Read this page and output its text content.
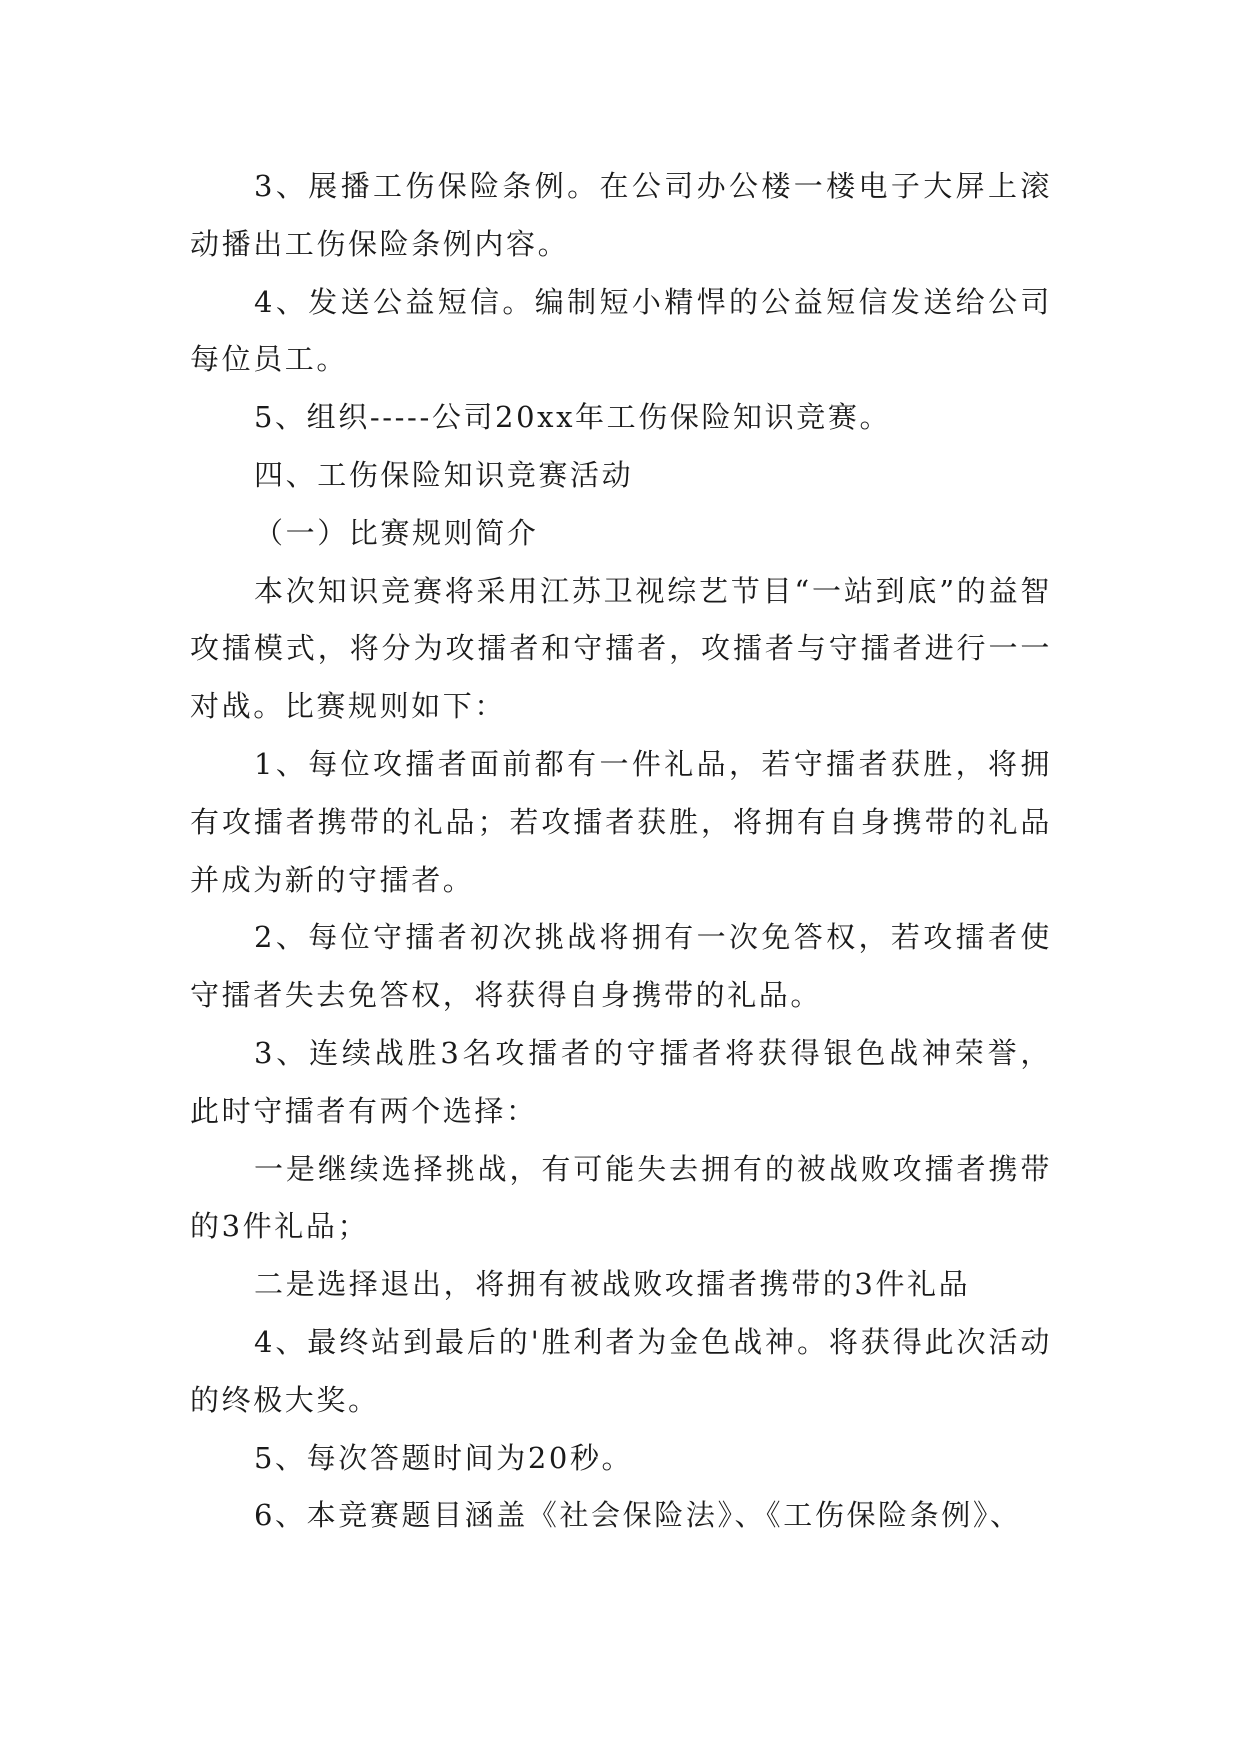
3、展播工伤保险条例。在公司办公楼一楼电子大屏上滚动播出工伤保险条例内容。

4、发送公益短信。编制短小精悍的公益短信发送给公司每位员工。

5、组织-----公司20xx年工伤保险知识竞赛。

四、工伤保险知识竞赛活动

（一）比赛规则简介

本次知识竞赛将采用江苏卫视综艺节目“一站到底”的益智攻擂模式，将分为攻擂者和守擂者，攻擂者与守擂者进行一一对战。比赛规则如下：

1、每位攻擂者面前都有一件礼品，若守擂者获胜，将拥有攻擂者携带的礼品；若攻擂者获胜，将拥有自身携带的礼品并成为新的守擂者。

2、每位守擂者初次挑战将拥有一次免答权，若攻擂者使守擂者失去免答权，将获得自身携带的礼品。

3、连续战胜3名攻擂者的守擂者将获得银色战神荣誉，此时守擂者有两个选择：

一是继续选择挑战，有可能失去拥有的被战败攻擂者携带的3件礼品；

二是选择退出，将拥有被战败攻擂者携带的3件礼品

4、最终站到最后的'胜利者为金色战神。将获得此次活动的终极大奖。

5、每次答题时间为20秒。

6、本竞赛题目涵盖《社会保险法》、《工伤保险条例》、
